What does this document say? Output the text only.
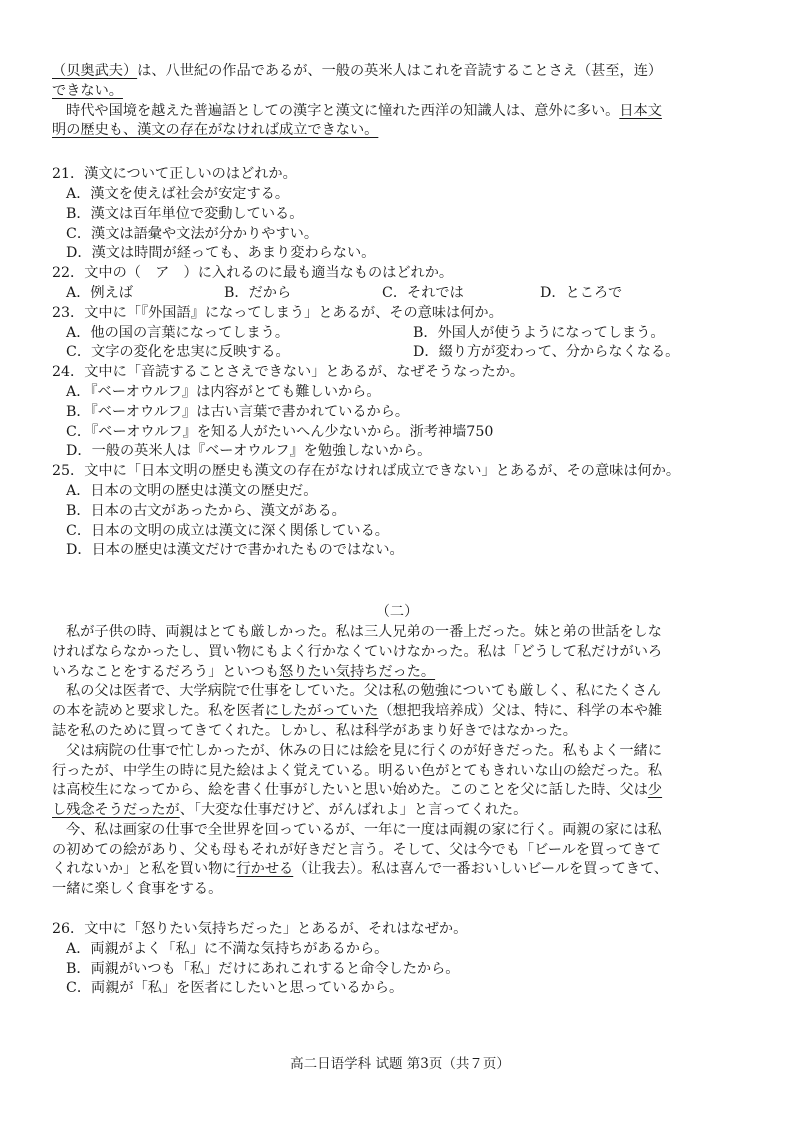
（贝奥武夫）は、八世紀の作品であるが、一般の英米人はこれを音読することさえ（甚至，连）
できない。
時代や国境を越えた普遍語としての漢字と漢文に憧れた西洋の知識人は、意外に多い。日本文
明の歴史も、漢文の存在がなければ成立できない。
21．漢文について正しいのはどれか。
A．漢文を使えば社会が安定する。
B．漢文は百年単位で変動している。
C．漢文は語彙や文法が分かりやすい。
D．漢文は時間が経っても、あまり変わらない。
22．文中の（　ア　）に入れるのに最も適当なものはどれか。
A．例えば	B．だから	C．それでは	D．ところで
23．文中に「『外国語』になってしまう」とあるが、その意味は何か。
A．他の国の言葉になってしまう。	B．外国人が使うようになってしまう。
C．文字の変化を忠実に反映する。	D．綴り方が変わって、分からなくなる。
24．文中に「音読することさえできない」とあるが、なぜそうなったか。
A．『ベーオウルフ』は内容がとても難しいから。
B．『ベーオウルフ』は古い言葉で書かれているから。
C．『ベーオウルフ』を知る人がたいへん少ないから。浙考神墙750
D．一般の英米人は『ベーオウルフ』を勉強しないから。
25．文中に「日本文明の歴史も漢文の存在がなければ成立できない」とあるが、その意味は何か。
A．日本の文明の歴史は漢文の歴史だ。
B．日本の古文があったから、漢文がある。
C．日本の文明の成立は漢文に深く関係している。
D．日本の歴史は漢文だけで書かれたものではない。
（二）
私が子供の時、両親はとても厳しかった。私は三人兄弟の一番上だった。妹と弟の世話をしな
ければならなかったし、買い物にもよく行かなくていけなかった。私は「どうして私だけがいろ
いろなことをするだろう」といつも怒りたい気持ちだった。
私の父は医者で、大学病院で仕事をしていた。父は私の勉強についても厳しく、私にたくさん
の本を読めと要求した。私を医者にしたがっていた（想把我培养成）父は、特に、科学の本や雑
誌を私のために買ってきてくれた。しかし、私は科学があまり好きではなかった。
父は病院の仕事で忙しかったが、休みの日には絵を見に行くのが好きだった。私もよく一緒に
行ったが、中学生の時に見た絵はよく覚えている。明るい色がとてもきれいな山の絵だった。私
は高校生になってから、絵を書く仕事がしたいと思い始めた。このことを父に話した時、父は少
し残念そうだったが、「大変な仕事だけど、がんばれよ」と言ってくれた。
今、私は画家の仕事で全世界を回っているが、一年に一度は両親の家に行く。両親の家には私
の初めての絵があり、父も母もそれが好きだと言う。そして、父は今でも「ビールを買ってきて
くれないか」と私を買い物に行かせる（让我去）。私は喜んで一番おいしいビールを買ってきて、
一緒に楽しく食事をする。
26．文中に「怒りたい気持ちだった」とあるが、それはなぜか。
A．両親がよく「私」に不満な気持ちがあるから。
B．両親がいつも「私」だけにあれこれすると命令したから。
C．両親が「私」を医者にしたいと思っているから。
高二日语学科 试题 第3页（共７页）
